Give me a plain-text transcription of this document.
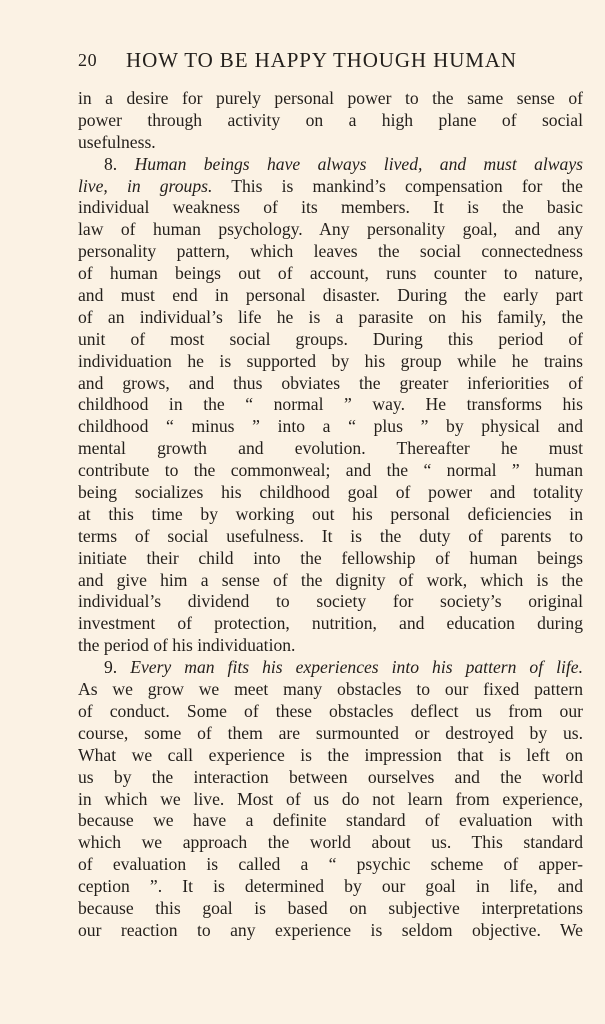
20 HOW TO BE HAPPY THOUGH HUMAN
in a desire for purely personal power to the same sense of
power through activity on a high plane of social
usefulness.
8. Human beings have always lived, and must always
live, in groups. This is mankind’s compensation for the
individual weakness of its members. It is the basic
law of human psychology. Any personality goal, and any
personality pattern, which leaves the social connectedness
of human beings out of account, runs counter to nature,
and must end in personal disaster. During the early part
of an individual’s life he is a parasite on his family, the
unit of most social groups. During this period of
individuation he is supported by his group while he trains
and grows, and thus obviates the greater inferiorities of
childhood in the “ normal ” way. He transforms his
childhood “ minus ” into a “ plus ” by physical and
mental growth and evolution. Thereafter he must
contribute to the commonweal; and the “ normal ” human
being socializes his childhood goal of power and totality
at this time by working out his personal deficiencies in
terms of social usefulness. It is the duty of parents to
initiate their child into the fellowship of human beings
and give him a sense of the dignity of work, which is the
individual’s dividend to society for society’s original
investment of protection, nutrition, and education during
the period of his individuation.
9. Every man fits his experiences into his pattern of life.
As we grow we meet many obstacles to our fixed pattern
of conduct. Some of these obstacles deflect us from our
course, some of them are surmounted or destroyed by us.
What we call experience is the impression that is left on
us by the interaction between ourselves and the world
in which we live. Most of us do not learn from experience,
because we have a definite standard of evaluation with
which we approach the world about us. This standard
of evaluation is called a “ psychic scheme of apper-
ception ”. It is determined by our goal in life, and
because this goal is based on subjective interpretations
our reaction to any experience is seldom objective. We
